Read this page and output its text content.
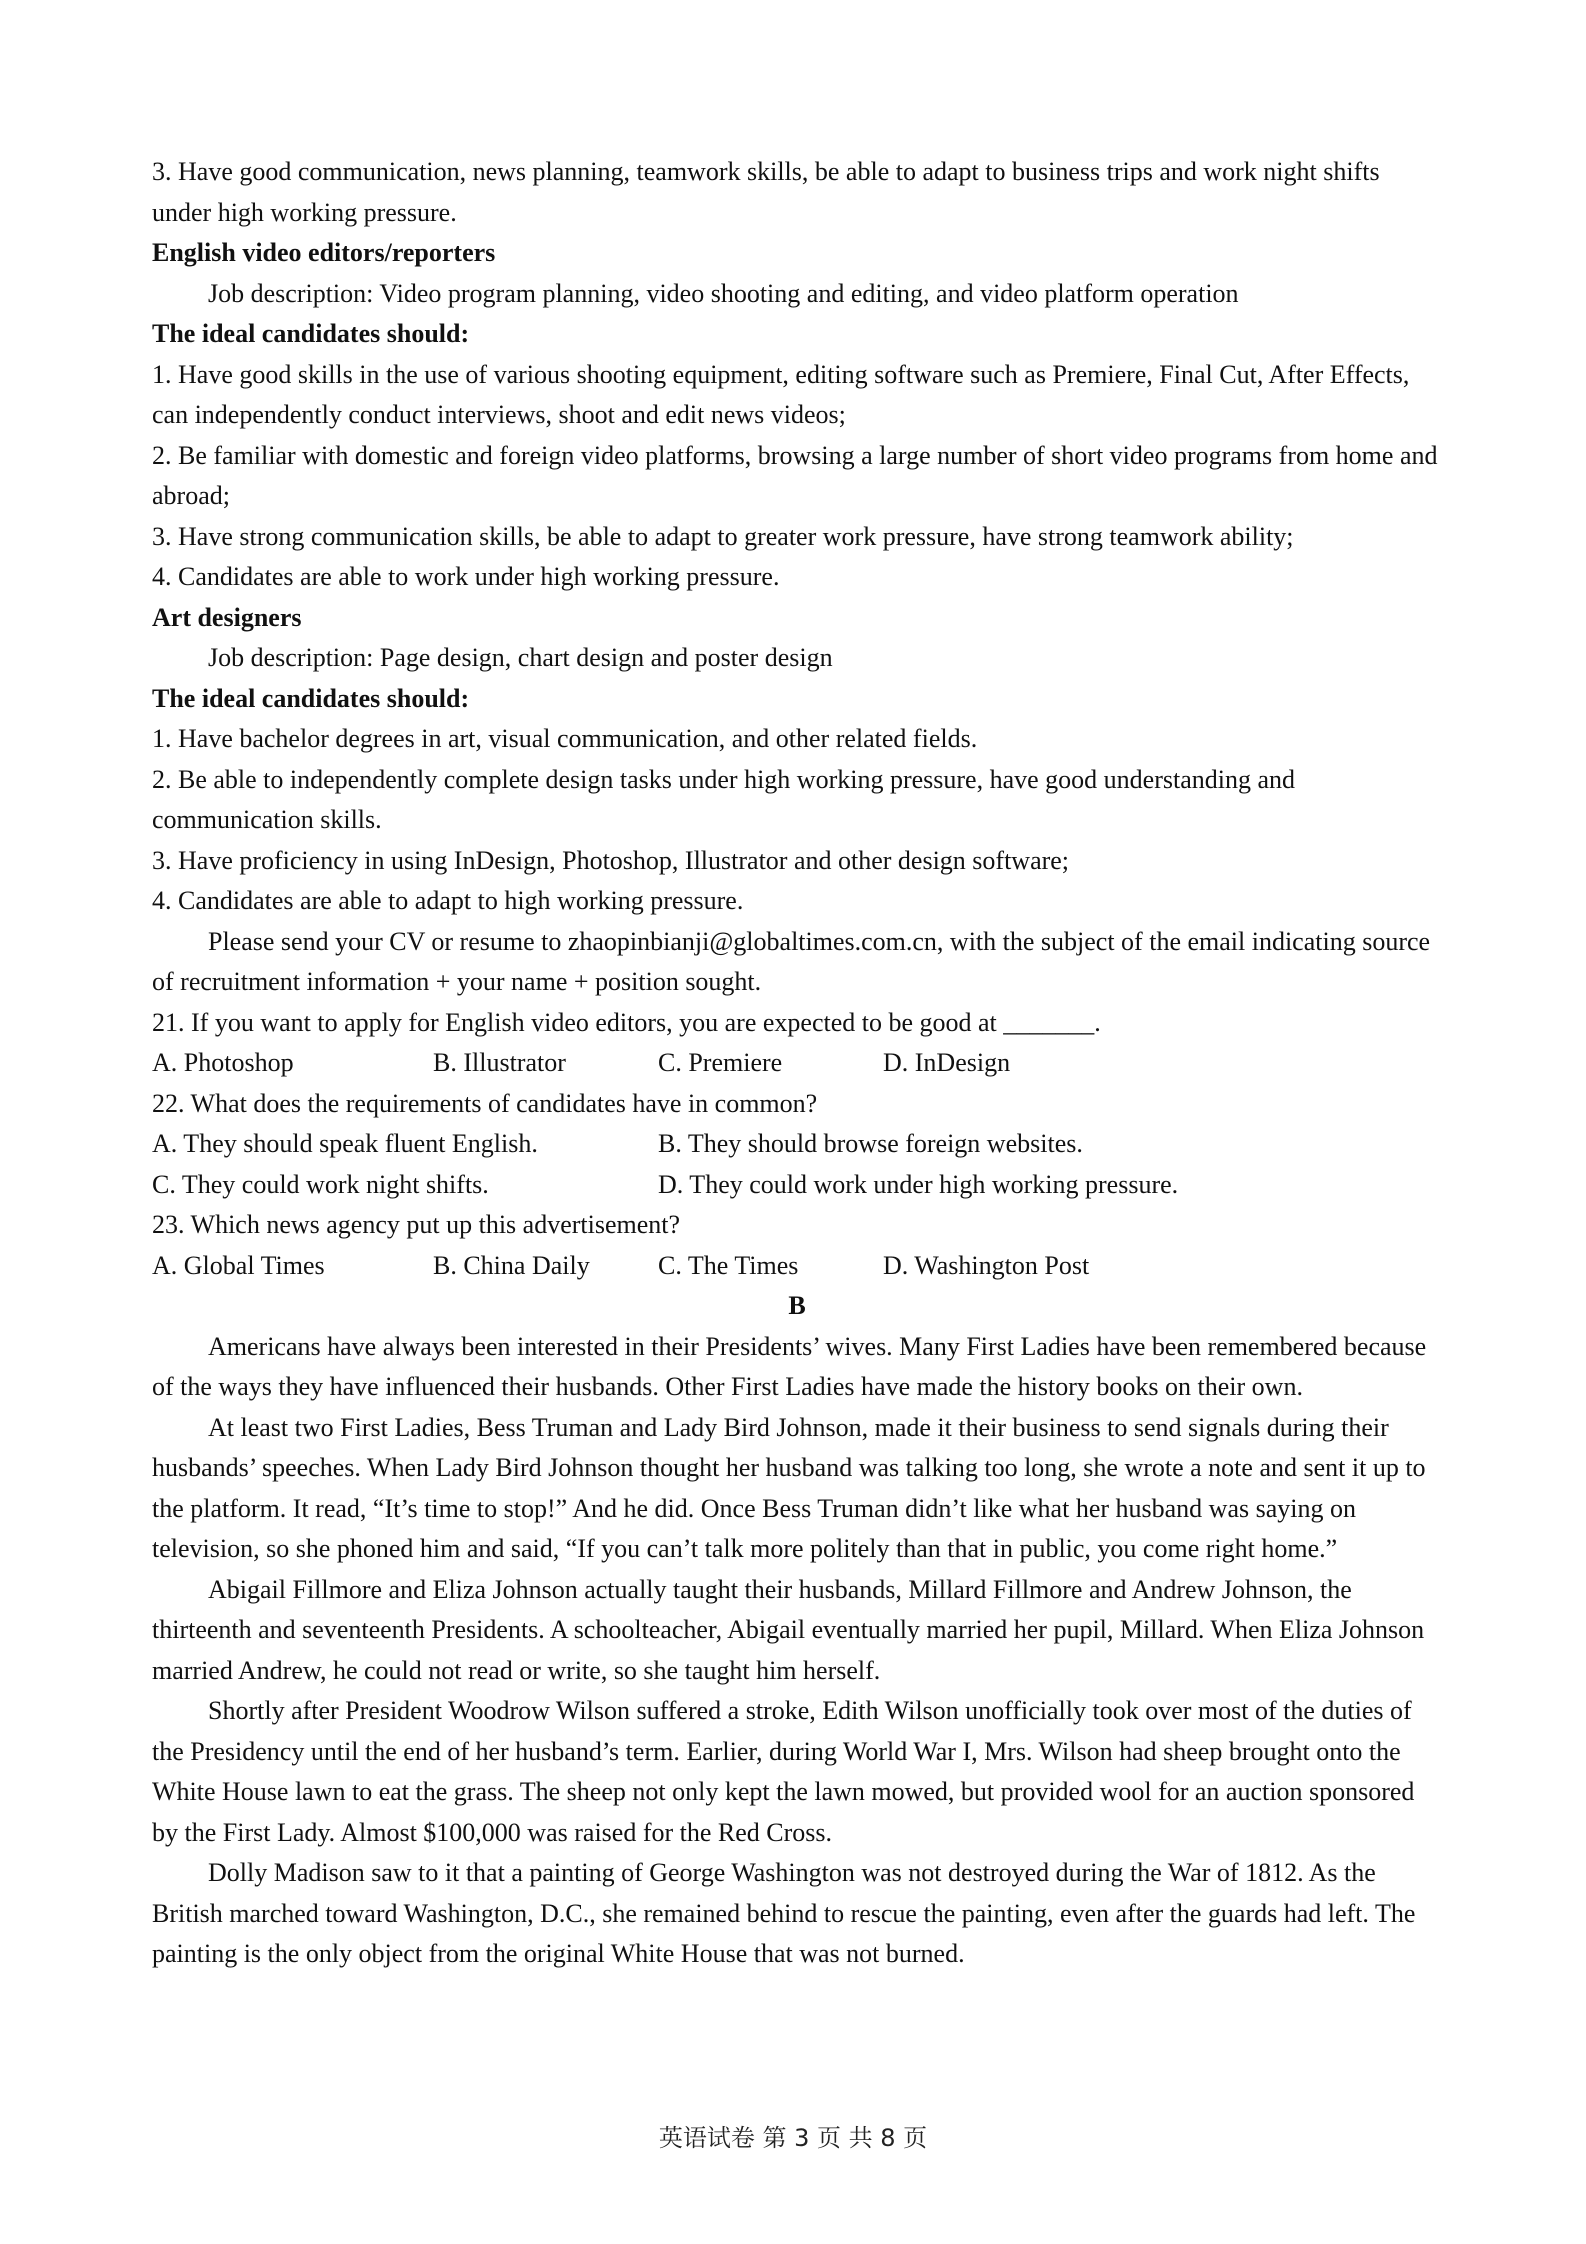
3. Have good communication, news planning, teamwork skills, be able to adapt to business trips and work night shifts under high working pressure.

English video editors/reporters

Job description: Video program planning, video shooting and editing, and video platform operation

The ideal candidates should:

1. Have good skills in the use of various shooting equipment, editing software such as Premiere, Final Cut, After Effects, can independently conduct interviews, shoot and edit news videos;

2. Be familiar with domestic and foreign video platforms, browsing a large number of short video programs from home and abroad;

3. Have strong communication skills, be able to adapt to greater work pressure, have strong teamwork ability;

4. Candidates are able to work under high working pressure.

Art designers

Job description: Page design, chart design and poster design

The ideal candidates should:

1. Have bachelor degrees in art, visual communication, and other related fields.

2. Be able to independently complete design tasks under high working pressure, have good understanding and communication skills.

3. Have proficiency in using InDesign, Photoshop, Illustrator and other design software;

4. Candidates are able to adapt to high working pressure.

Please send your CV or resume to zhaopinbianji@globaltimes.com.cn, with the subject of the email indicating source of recruitment information + your name + position sought.

21. If you want to apply for English video editors, you are expected to be good at _______.

A. Photoshop	B. Illustrator	C. Premiere	D. InDesign

22. What does the requirements of candidates have in common?

A. They should speak fluent English.	B. They should browse foreign websites.
C. They could work night shifts.	D. They could work under high working pressure.

23. Which news agency put up this advertisement?

A. Global Times	B. China Daily	C. The Times	D. Washington Post

B

Americans have always been interested in their Presidents’ wives. Many First Ladies have been remembered because of the ways they have influenced their husbands. Other First Ladies have made the history books on their own.

At least two First Ladies, Bess Truman and Lady Bird Johnson, made it their business to send signals during their husbands’ speeches. When Lady Bird Johnson thought her husband was talking too long, she wrote a note and sent it up to the platform. It read, “It’s time to stop!” And he did. Once Bess Truman didn’t like what her husband was saying on television, so she phoned him and said, “If you can’t talk more politely than that in public, you come right home.”

Abigail Fillmore and Eliza Johnson actually taught their husbands, Millard Fillmore and Andrew Johnson, the thirteenth and seventeenth Presidents. A schoolteacher, Abigail eventually married her pupil, Millard. When Eliza Johnson married Andrew, he could not read or write, so she taught him herself.

Shortly after President Woodrow Wilson suffered a stroke, Edith Wilson unofficially took over most of the duties of the Presidency until the end of her husband’s term. Earlier, during World War I, Mrs. Wilson had sheep brought onto the White House lawn to eat the grass. The sheep not only kept the lawn mowed, but provided wool for an auction sponsored by the First Lady. Almost $100,000 was raised for the Red Cross.

Dolly Madison saw to it that a painting of George Washington was not destroyed during the War of 1812. As the British marched toward Washington, D.C., she remained behind to rescue the painting, even after the guards had left. The painting is the only object from the original White House that was not burned.

英语试卷 第 3 页 共 8 页
